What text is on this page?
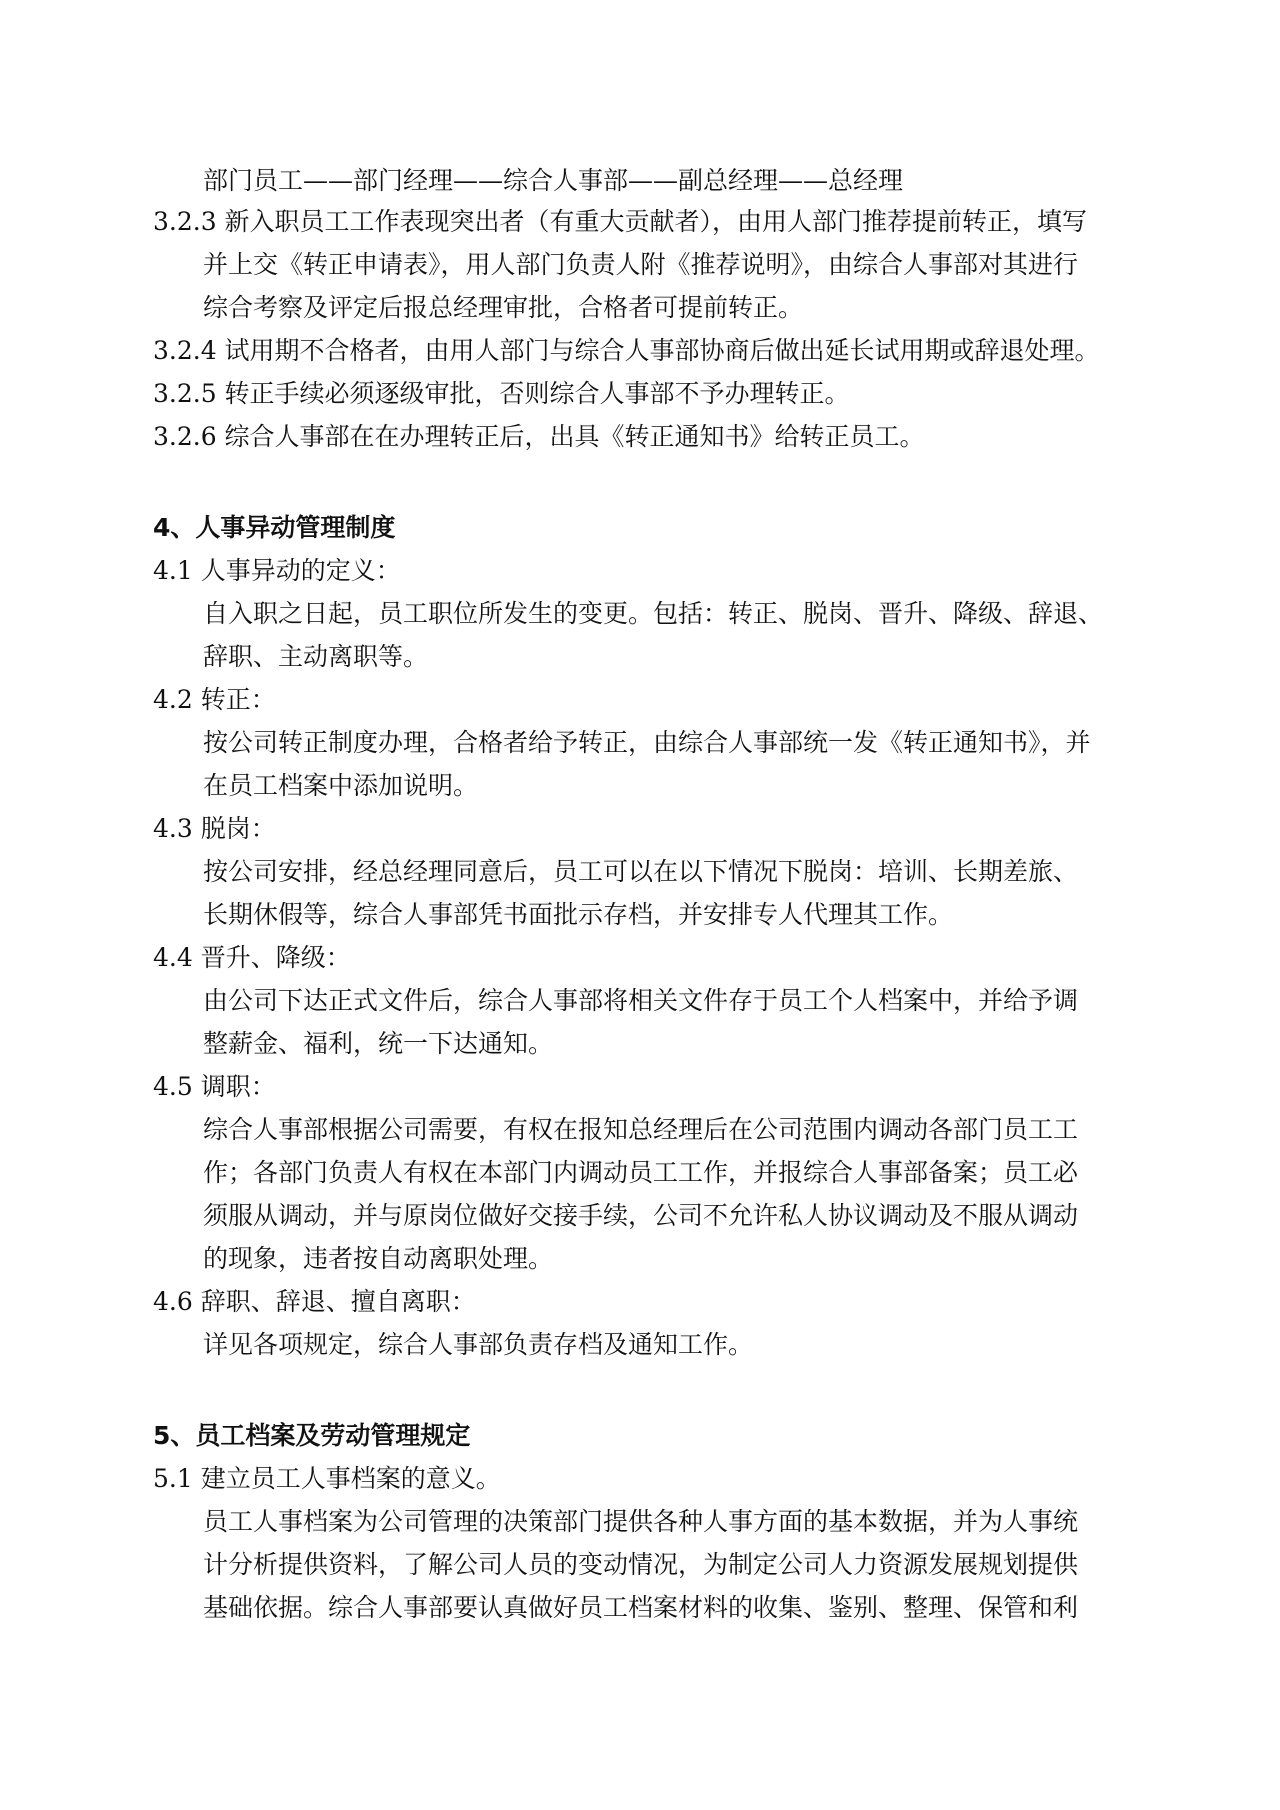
部门员工——部门经理——综合人事部——副总经理——总经理

3.2.3 新入职员工工作表现突出者（有重大贡献者），由用人部门推荐提前转正，填写

并上交《转正申请表》，用人部门负责人附《推荐说明》，由综合人事部对其进行

综合考察及评定后报总经理审批，合格者可提前转正。

3.2.4 试用期不合格者，由用人部门与综合人事部协商后做出延长试用期或辞退处理。

3.2.5 转正手续必须逐级审批，否则综合人事部不予办理转正。

3.2.6 综合人事部在在办理转正后，出具《转正通知书》给转正员工。

4、人事异动管理制度

4.1 人事异动的定义：

自入职之日起，员工职位所发生的变更。包括：转正、脱岗、晋升、降级、辞退、

辞职、主动离职等。

4.2 转正：

按公司转正制度办理，合格者给予转正，由综合人事部统一发《转正通知书》，并

在员工档案中添加说明。

4.3 脱岗：

按公司安排，经总经理同意后，员工可以在以下情况下脱岗：培训、长期差旅、

长期休假等，综合人事部凭书面批示存档，并安排专人代理其工作。

4.4 晋升、降级：

由公司下达正式文件后，综合人事部将相关文件存于员工个人档案中，并给予调

整薪金、福利，统一下达通知。

4.5 调职：

综合人事部根据公司需要，有权在报知总经理后在公司范围内调动各部门员工工

作；各部门负责人有权在本部门内调动员工工作，并报综合人事部备案；员工必

须服从调动，并与原岗位做好交接手续，公司不允许私人协议调动及不服从调动

的现象，违者按自动离职处理。

4.6 辞职、辞退、擅自离职：

详见各项规定，综合人事部负责存档及通知工作。

5、员工档案及劳动管理规定

5.1 建立员工人事档案的意义。

员工人事档案为公司管理的决策部门提供各种人事方面的基本数据，并为人事统

计分析提供资料，了解公司人员的变动情况，为制定公司人力资源发展规划提供

基础依据。综合人事部要认真做好员工档案材料的收集、鉴别、整理、保管和利
